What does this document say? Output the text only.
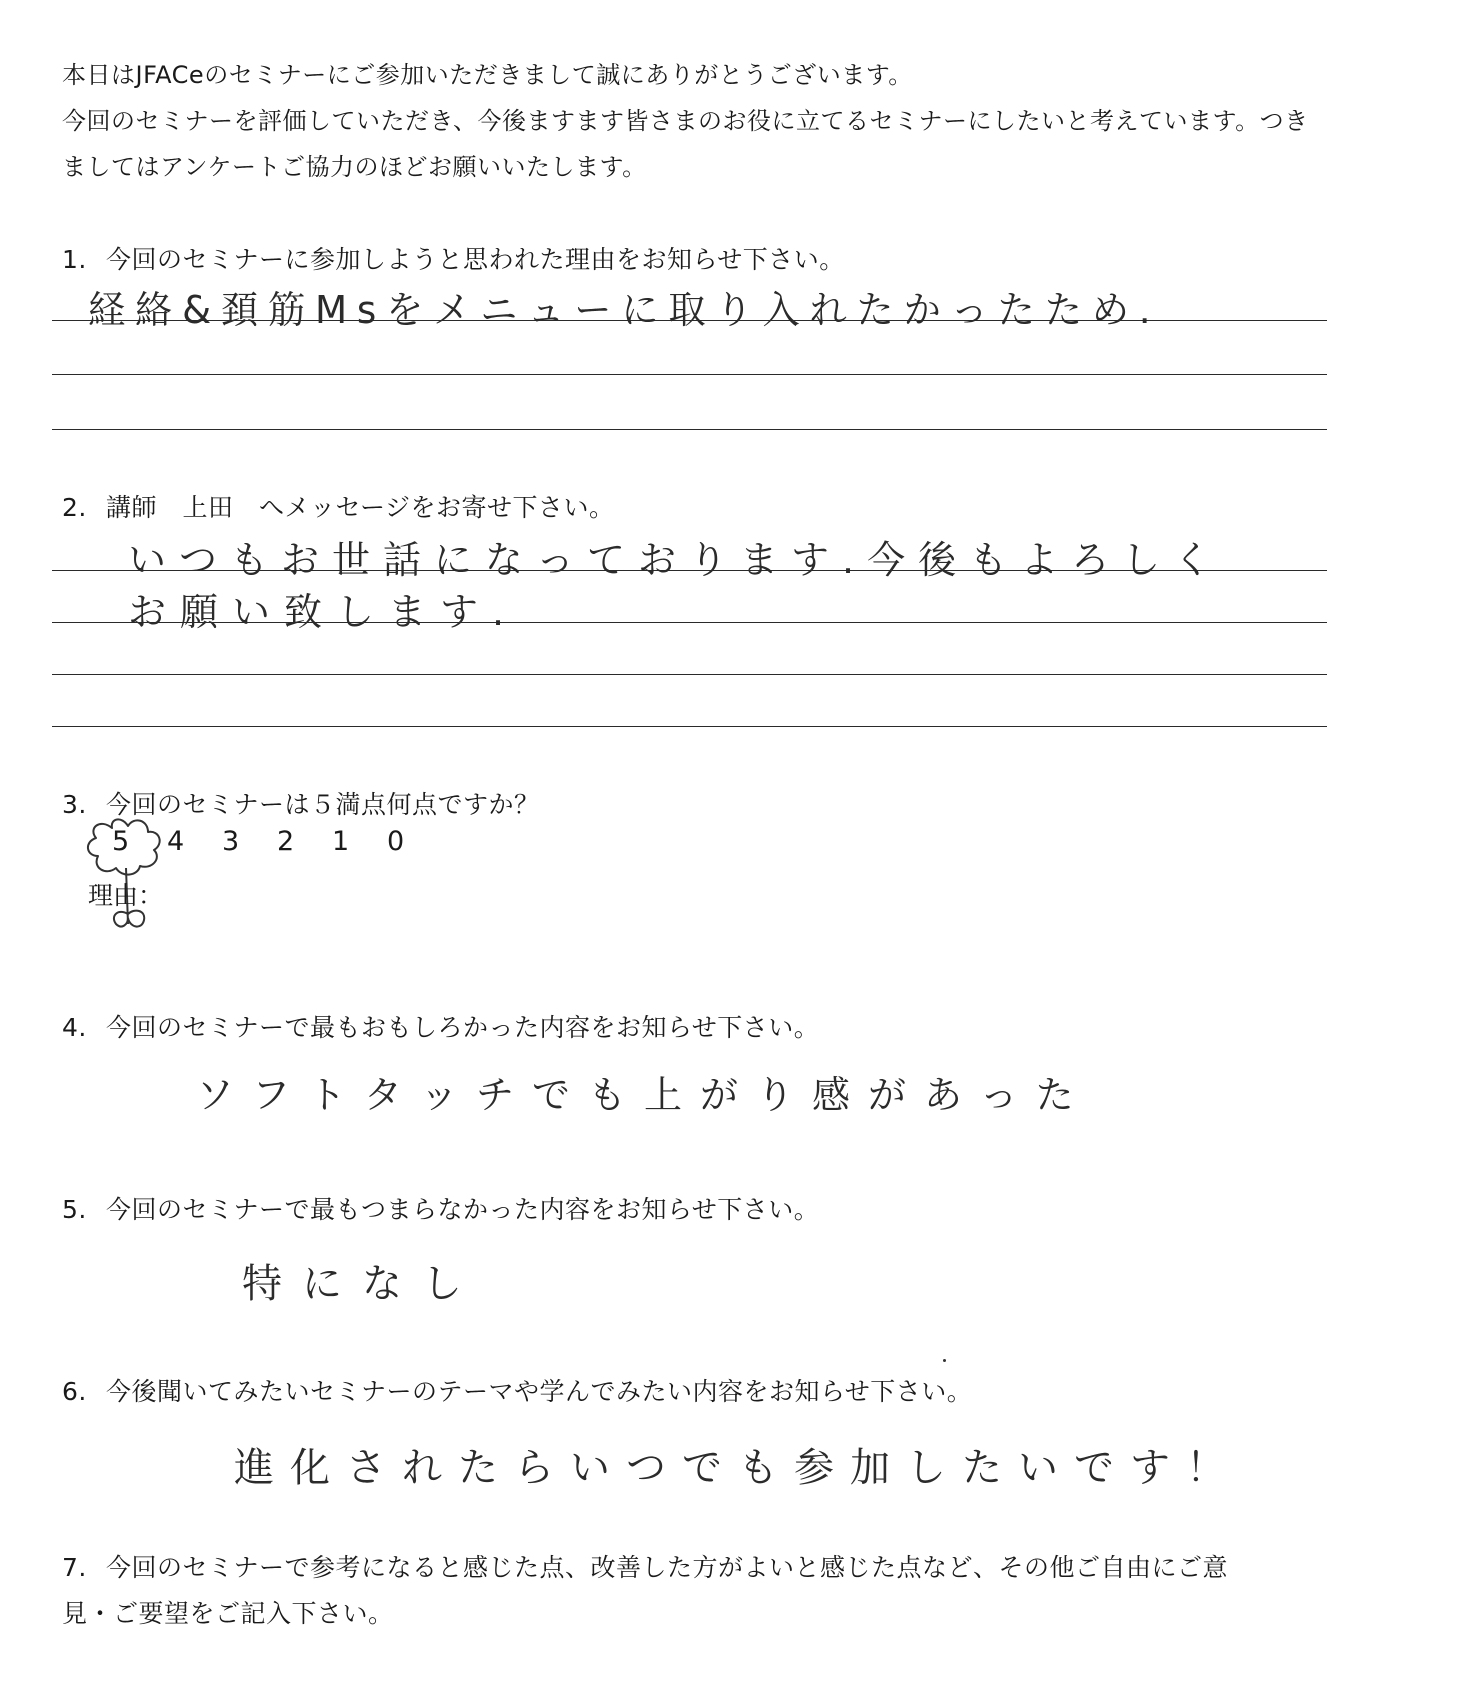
本日はJFACeのセミナーにご参加いただきまして誠にありがとうございます。
今回のセミナーを評価していただき、今後ますます皆さまのお役に立てるセミナーにしたいと考えています。つき
ましてはアンケートご協力のほどお願いいたします。
1. 今回のセミナーに参加しようと思われた理由をお知らせ下さい。
経絡&頚筋Msをメニューに取り入れたかったため.
2. 講師　上田　へメッセージをお寄せ下さい。
いつもお世話になっております.今後もよろしく
お願い致します.
3. 今回のセミナーは５満点何点ですか？
5 4 3 2 1 0
理由：
4. 今回のセミナーで最もおもしろかった内容をお知らせ下さい。
ソフトタッチでも上がり感があった
5. 今回のセミナーで最もつまらなかった内容をお知らせ下さい。
特になし
6. 今後聞いてみたいセミナーのテーマや学んでみたい内容をお知らせ下さい。
進化されたらいつでも参加したいです！
7. 今回のセミナーで参考になると感じた点、改善した方がよいと感じた点など、その他ご自由にご意
見・ご要望をご記入下さい。
